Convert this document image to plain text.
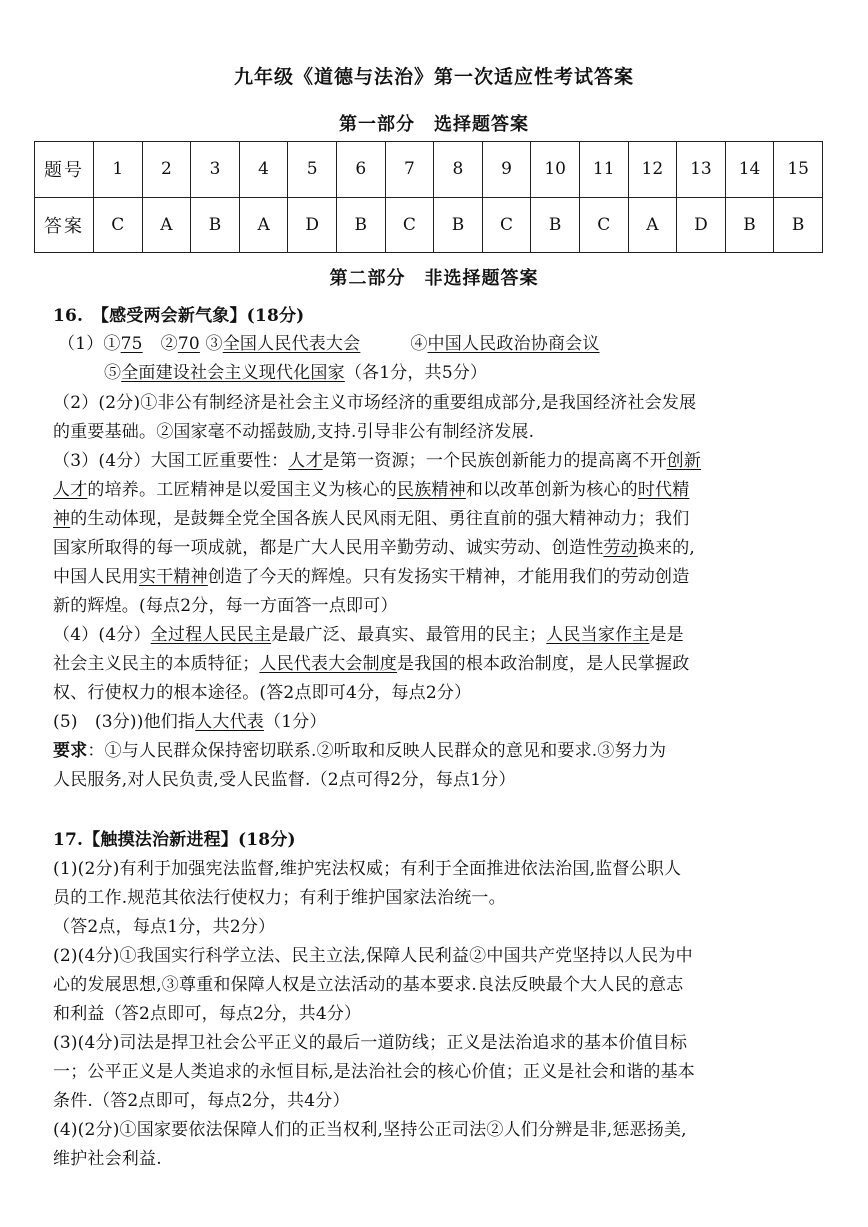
九年级《道德与法治》第一次适应性考试答案
第一部分　选择题答案
题号	1	2	3	4	5	6	7	8	9	10	11	12	13	14	15
答案	C	A	B	A	D	B	C	B	C	B	C	A	D	B	B
第二部分　非选择题答案
16.　【感受两会新气象】(18分)
（1）①75 ②70 ③全国人民代表大会	④中国人民政治协商会议
⑤全面建设社会主义现代化国家（各1分，共5分）
（2）(2分)①非公有制经济是社会主义市场经济的重要组成部分,是我国经济社会发展
的重要基础。②国家毫不动摇鼓励,支持.引导非公有制经济发展.
（3）(4分）大国工匠重要性：人才是第一资源；一个民族创新能力的提高离不开创新
人才的培养。工匠精神是以爱国主义为核心的民族精神和以改革创新为核心的时代精
神的生动体现，是鼓舞全党全国各族人民风雨无阻、勇往直前的强大精神动力；我们
国家所取得的每一项成就，都是广大人民用辛勤劳动、诚实劳动、创造性劳动换来的,
中国人民用实干精神创造了今天的辉煌。只有发扬实干精神，才能用我们的劳动创造
新的辉煌。(每点2分，每一方面答一点即可）
（4）(4分）全过程人民民主是最广泛、最真实、最管用的民主；人民当家作主是是
社会主义民主的本质特征；人民代表大会制度是我国的根本政治制度，是人民掌握政
权、行使权力的根本途径。(答2点即可4分，每点2分）
(5)　(3分))他们指人大代表（1分）
要求：①与人民群众保持密切联系.②听取和反映人民群众的意见和要求.③努力为
人民服务,对人民负责,受人民监督.（2点可得2分，每点1分）
17.【触摸法治新进程】(18分)
(1)(2分)有利于加强宪法监督,维护宪法权威；有利于全面推进依法治国,监督公职人
员的工作.规范其依法行使权力；有利于维护国家法治统一。
（答2点，每点1分，共2分）
(2)(4分)①我国实行科学立法、民主立法,保障人民利益②中国共产党坚持以人民为中
心的发展思想,③尊重和保障人权是立法活动的基本要求.良法反映最个大人民的意志
和利益（答2点即可，每点2分，共4分）
(3)(4分)司法是捍卫社会公平正义的最后一道防线；正义是法治追求的基本价值目标
一；公平正义是人类追求的永恒目标,是法治社会的核心价值；正义是社会和谐的基本
条件.（答2点即可，每点2分，共4分）
(4)(2分)①国家要依法保障人们的正当权利,坚持公正司法②人们分辨是非,惩恶扬美,
维护社会利益.
